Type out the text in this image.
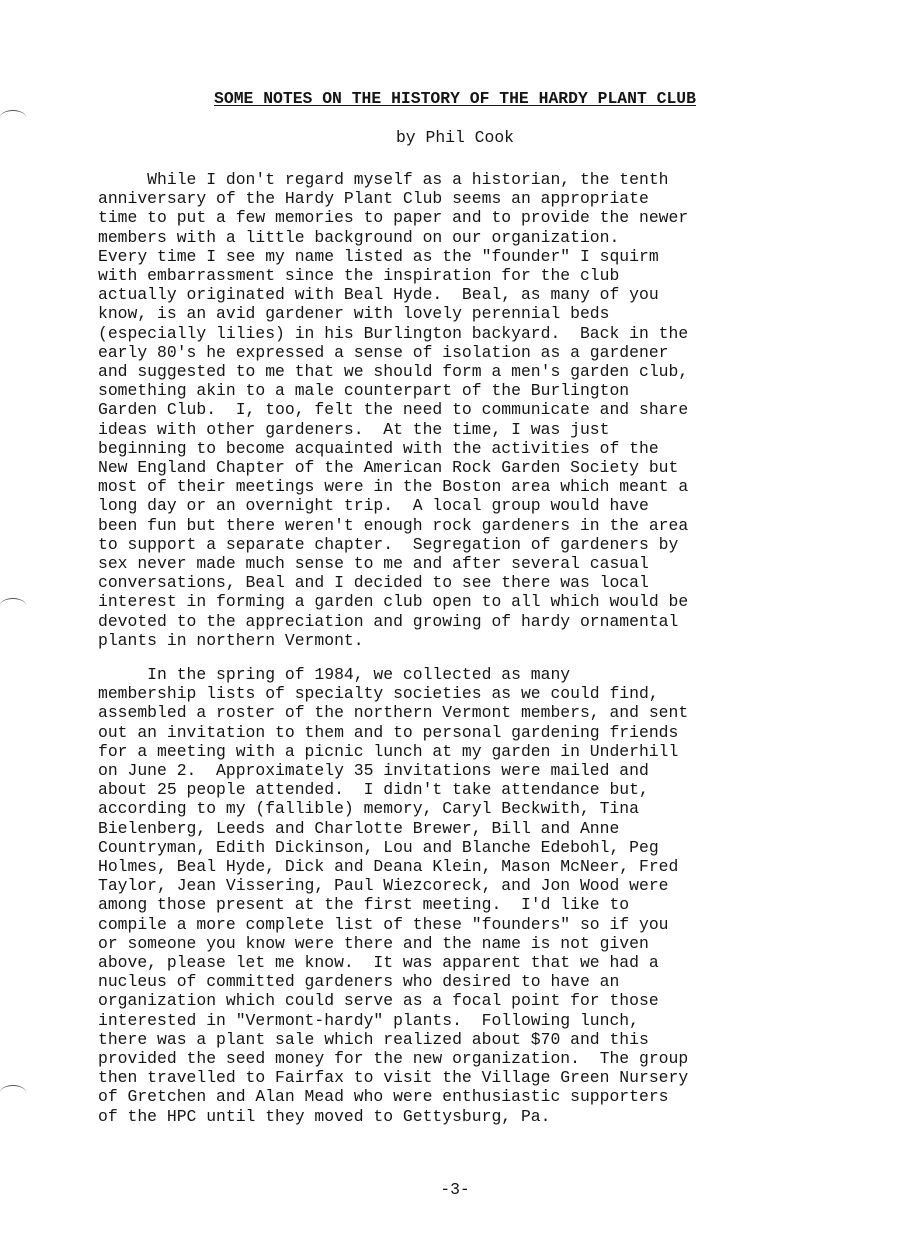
SOME NOTES ON THE HISTORY OF THE HARDY PLANT CLUB
by Phil Cook
While I don't regard myself as a historian, the tenth
anniversary of the Hardy Plant Club seems an appropriate
time to put a few memories to paper and to provide the newer
members with a little background on our organization.
Every time I see my name listed as the "founder" I squirm
with embarrassment since the inspiration for the club
actually originated with Beal Hyde.  Beal, as many of you
know, is an avid gardener with lovely perennial beds
(especially lilies) in his Burlington backyard.  Back in the
early 80's he expressed a sense of isolation as a gardener
and suggested to me that we should form a men's garden club,
something akin to a male counterpart of the Burlington
Garden Club.  I, too, felt the need to communicate and share
ideas with other gardeners.  At the time, I was just
beginning to become acquainted with the activities of the
New England Chapter of the American Rock Garden Society but
most of their meetings were in the Boston area which meant a
long day or an overnight trip.  A local group would have
been fun but there weren't enough rock gardeners in the area
to support a separate chapter.  Segregation of gardeners by
sex never made much sense to me and after several casual
conversations, Beal and I decided to see there was local
interest in forming a garden club open to all which would be
devoted to the appreciation and growing of hardy ornamental
plants in northern Vermont.
In the spring of 1984, we collected as many
membership lists of specialty societies as we could find,
assembled a roster of the northern Vermont members, and sent
out an invitation to them and to personal gardening friends
for a meeting with a picnic lunch at my garden in Underhill
on June 2.  Approximately 35 invitations were mailed and
about 25 people attended.  I didn't take attendance but,
according to my (fallible) memory, Caryl Beckwith, Tina
Bielenberg, Leeds and Charlotte Brewer, Bill and Anne
Countryman, Edith Dickinson, Lou and Blanche Edebohl, Peg
Holmes, Beal Hyde, Dick and Deana Klein, Mason McNeer, Fred
Taylor, Jean Vissering, Paul Wiezcoreck, and Jon Wood were
among those present at the first meeting.  I'd like to
compile a more complete list of these "founders" so if you
or someone you know were there and the name is not given
above, please let me know.  It was apparent that we had a
nucleus of committed gardeners who desired to have an
organization which could serve as a focal point for those
interested in "Vermont-hardy" plants.  Following lunch,
there was a plant sale which realized about $70 and this
provided the seed money for the new organization.  The group
then travelled to Fairfax to visit the Village Green Nursery
of Gretchen and Alan Mead who were enthusiastic supporters
of the HPC until they moved to Gettysburg, Pa.
-3-
